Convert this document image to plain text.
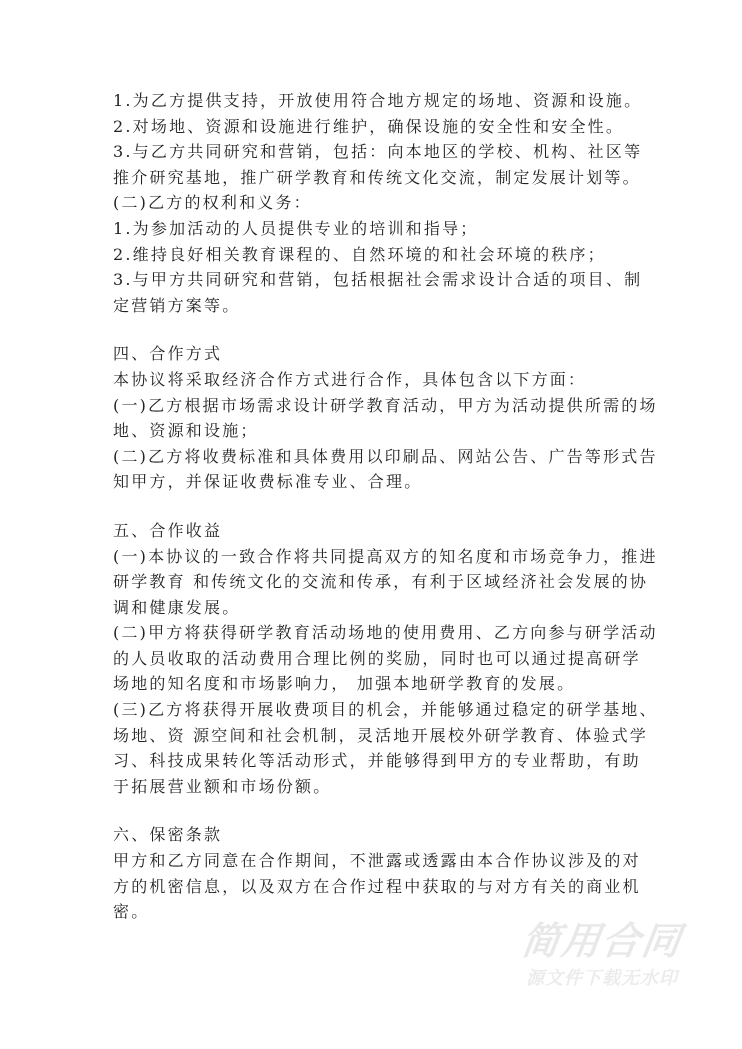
1.为乙方提供支持，开放使用符合地方规定的场地、资源和设施。
2.对场地、资源和设施进行维护，确保设施的安全性和安全性。
3.与乙方共同研究和营销，包括：向本地区的学校、机构、社区等
推介研究基地，推广研学教育和传统文化交流，制定发展计划等。
(二)乙方的权利和义务：
1.为参加活动的人员提供专业的培训和指导；
2.维持良好相关教育课程的、自然环境的和社会环境的秩序；
3.与甲方共同研究和营销，包括根据社会需求设计合适的项目、制
定营销方案等。
四、合作方式
本协议将采取经济合作方式进行合作，具体包含以下方面：
(一)乙方根据市场需求设计研学教育活动，甲方为活动提供所需的场
地、资源和设施；
(二)乙方将收费标准和具体费用以印刷品、网站公告、广告等形式告
知甲方，并保证收费标准专业、合理。
五、合作收益
(一)本协议的一致合作将共同提高双方的知名度和市场竞争力，推进
研学教育 和传统文化的交流和传承，有利于区域经济社会发展的协
调和健康发展。
(二)甲方将获得研学教育活动场地的使用费用、乙方向参与研学活动
的人员收取的活动费用合理比例的奖励，同时也可以通过提高研学
场地的知名度和市场影响力， 加强本地研学教育的发展。
(三)乙方将获得开展收费项目的机会，并能够通过稳定的研学基地、
场地、资 源空间和社会机制，灵活地开展校外研学教育、体验式学
习、科技成果转化等活动形式，并能够得到甲方的专业帮助，有助
于拓展营业额和市场份额。
六、保密条款
甲方和乙方同意在合作期间，不泄露或透露由本合作协议涉及的对
方的机密信息，以及双方在合作过程中获取的与对方有关的商业机
密。
简用合同
源文件下载无水印
